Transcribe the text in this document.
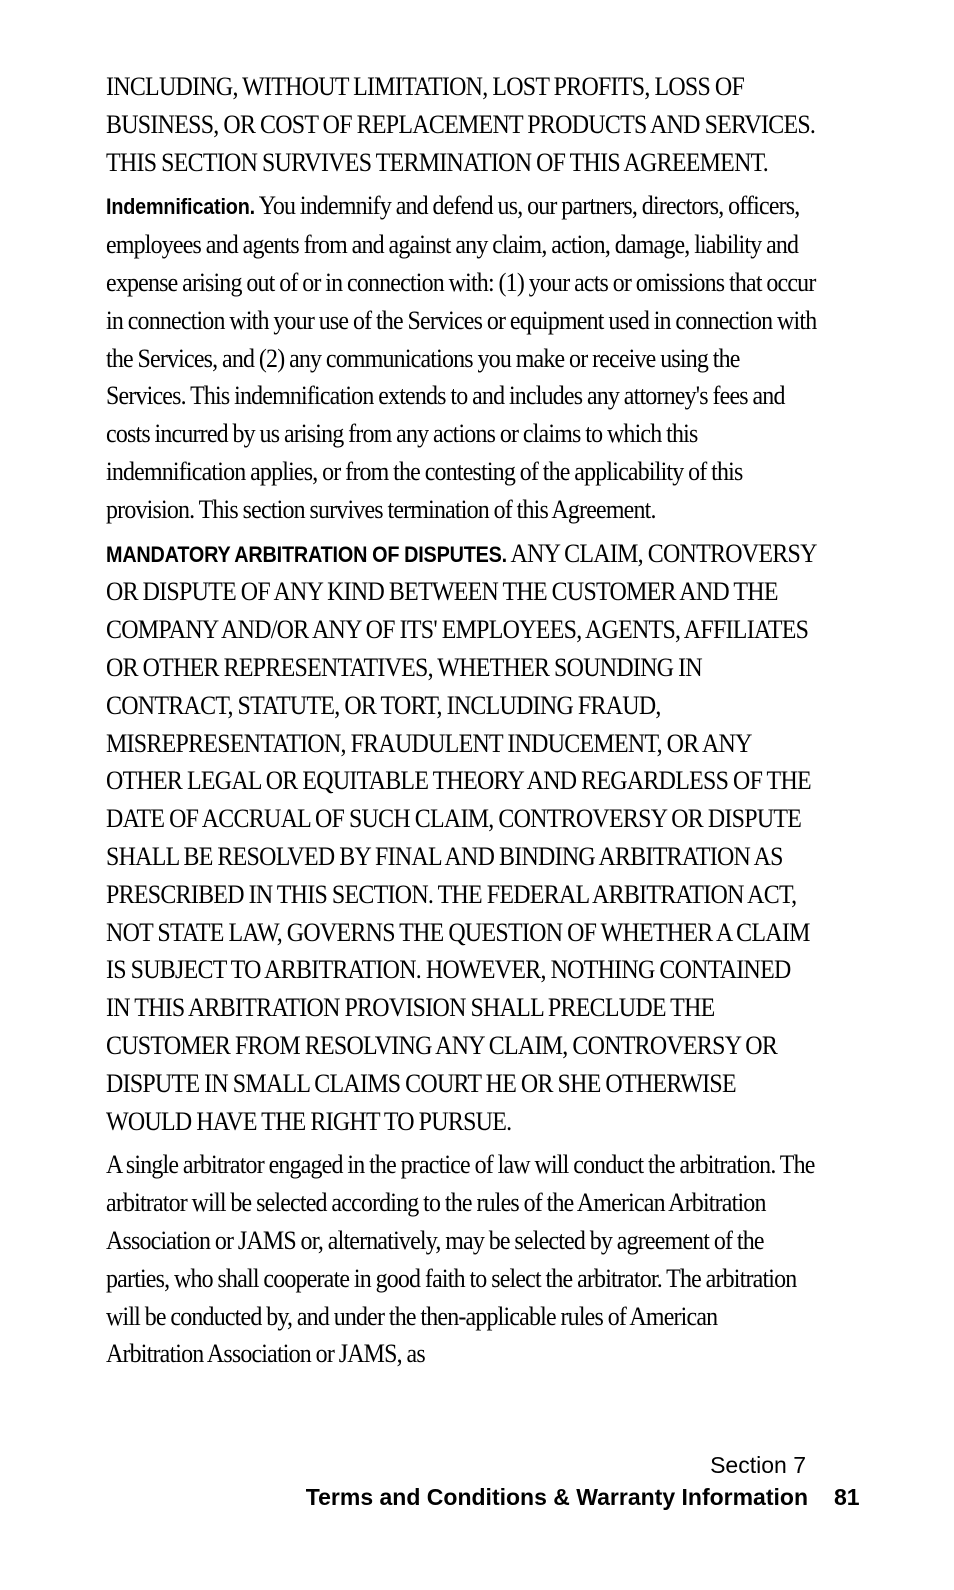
INCLUDING, WITHOUT LIMITATION, LOST PROFITS, LOSS OF BUSINESS, OR COST OF REPLACEMENT PRODUCTS AND SERVICES. THIS SECTION SURVIVES TERMINATION OF THIS AGREEMENT.

Indemnification. You indemnify and defend us, our partners, directors, officers, employees and agents from and against any claim, action, damage, liability and expense arising out of or in connection with: (1) your acts or omissions that occur in connection with your use of the Services or equipment used in connection with the Services, and (2) any communications you make or receive using the Services. This indemnification extends to and includes any attorney's fees and costs incurred by us arising from any actions or claims to which this indemnification applies, or from the contesting of the applicability of this provision. This section survives termination of this Agreement.

MANDATORY ARBITRATION OF DISPUTES. ANY CLAIM, CONTROVERSY OR DISPUTE OF ANY KIND BETWEEN THE CUSTOMER AND THE COMPANY AND/OR ANY OF ITS' EMPLOYEES, AGENTS, AFFILIATES OR OTHER REPRESENTATIVES, WHETHER SOUNDING IN CONTRACT, STATUTE, OR TORT, INCLUDING FRAUD, MISREPRESENTATION, FRAUDULENT INDUCEMENT, OR ANY OTHER LEGAL OR EQUITABLE THEORY AND REGARDLESS OF THE DATE OF ACCRUAL OF SUCH CLAIM, CONTROVERSY OR DISPUTE SHALL BE RESOLVED BY FINAL AND BINDING ARBITRATION AS PRESCRIBED IN THIS SECTION. THE FEDERAL ARBITRATION ACT, NOT STATE LAW, GOVERNS THE QUESTION OF WHETHER A CLAIM IS SUBJECT TO ARBITRATION. HOWEVER, NOTHING CONTAINED IN THIS ARBITRATION PROVISION SHALL PRECLUDE THE CUSTOMER FROM RESOLVING ANY CLAIM, CONTROVERSY OR DISPUTE IN SMALL CLAIMS COURT HE OR SHE OTHERWISE WOULD HAVE THE RIGHT TO PURSUE.

A single arbitrator engaged in the practice of law will conduct the arbitration. The arbitrator will be selected according to the rules of the American Arbitration Association or JAMS or, alternatively, may be selected by agreement of the parties, who shall cooperate in good faith to select the arbitrator. The arbitration will be conducted by, and under the then-applicable rules of American Arbitration Association or JAMS, as

Section 7
Terms and Conditions & Warranty Information 81
